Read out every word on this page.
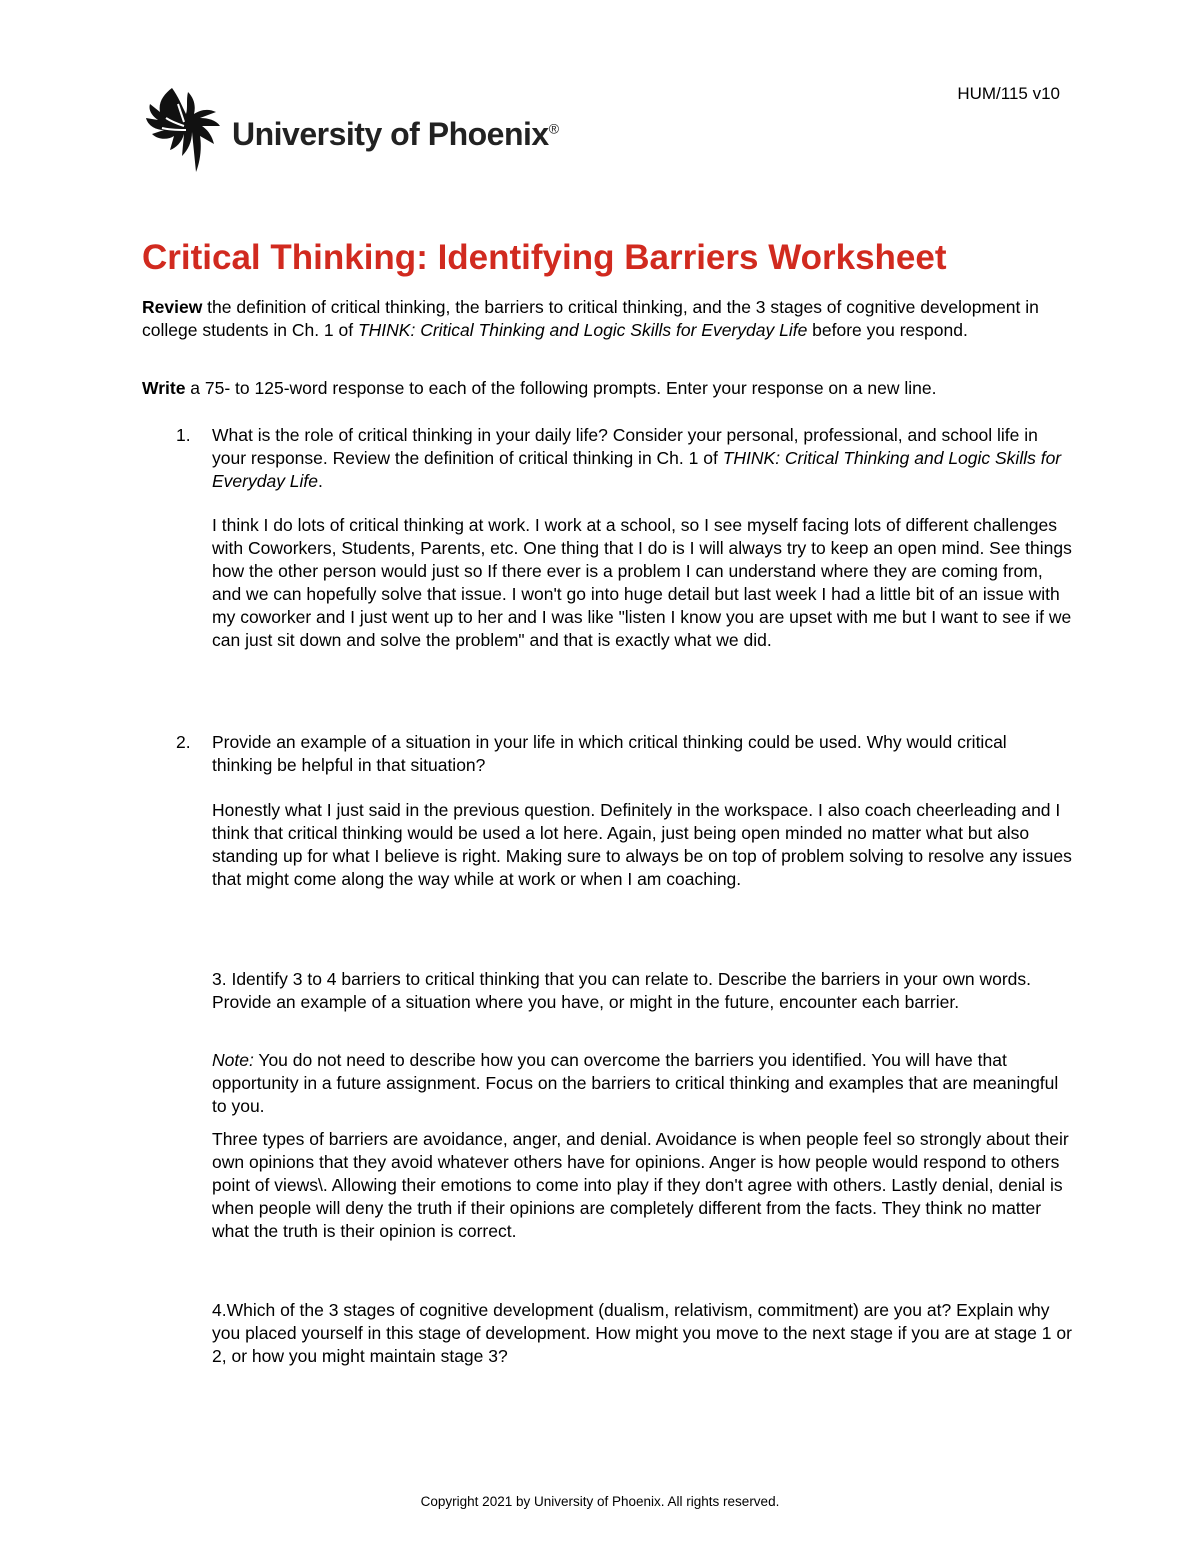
HUM/115 v10
University of Phoenix®
Critical Thinking: Identifying Barriers Worksheet
Review the definition of critical thinking, the barriers to critical thinking, and the 3 stages of cognitive development in college students in Ch. 1 of THINK: Critical Thinking and Logic Skills for Everyday Life before you respond.
Write a 75- to 125-word response to each of the following prompts. Enter your response on a new line.
1. What is the role of critical thinking in your daily life? Consider your personal, professional, and school life in your response. Review the definition of critical thinking in Ch. 1 of THINK: Critical Thinking and Logic Skills for Everyday Life.
I think I do lots of critical thinking at work. I work at a school, so I see myself facing lots of different challenges with Coworkers, Students, Parents, etc. One thing that I do is I will always try to keep an open mind. See things how the other person would just so If there ever is a problem I can understand where they are coming from, and we can hopefully solve that issue. I won't go into huge detail but last week I had a little bit of an issue with my coworker and I just went up to her and I was like "listen I know you are upset with me but I want to see if we can just sit down and solve the problem" and that is exactly what we did.
2. Provide an example of a situation in your life in which critical thinking could be used. Why would critical thinking be helpful in that situation?
Honestly what I just said in the previous question. Definitely in the workspace. I also coach cheerleading and I think that critical thinking would be used a lot here. Again, just being open minded no matter what but also standing up for what I believe is right. Making sure to always be on top of problem solving to resolve any issues that might come along the way while at work or when I am coaching.
3. Identify 3 to 4 barriers to critical thinking that you can relate to. Describe the barriers in your own words. Provide an example of a situation where you have, or might in the future, encounter each barrier.
Note: You do not need to describe how you can overcome the barriers you identified. You will have that opportunity in a future assignment. Focus on the barriers to critical thinking and examples that are meaningful to you.
Three types of barriers are avoidance, anger, and denial. Avoidance is when people feel so strongly about their own opinions that they avoid whatever others have for opinions. Anger is how people would respond to others point of views\. Allowing their emotions to come into play if they don't agree with others. Lastly denial, denial is when people will deny the truth if their opinions are completely different from the facts. They think no matter what the truth is their opinion is correct.
4.Which of the 3 stages of cognitive development (dualism, relativism, commitment) are you at? Explain why you placed yourself in this stage of development. How might you move to the next stage if you are at stage 1 or 2, or how you might maintain stage 3?
Copyright 2021 by University of Phoenix. All rights reserved.
